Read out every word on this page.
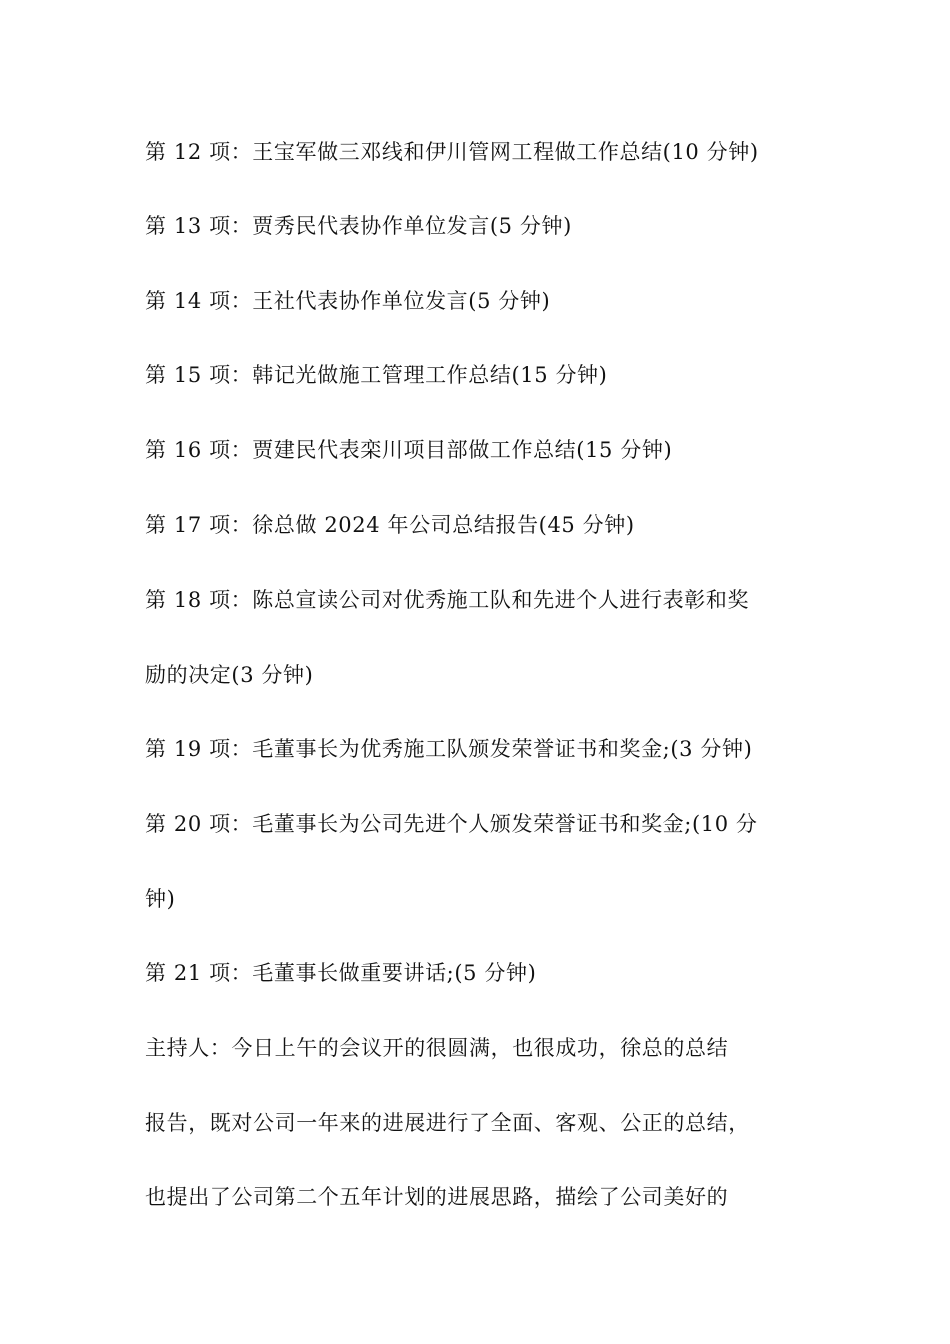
第 12 项：王宝军做三邓线和伊川管网工程做工作总结(10 分钟)
第 13 项：贾秀民代表协作单位发言(5 分钟)
第 14 项：王社代表协作单位发言(5 分钟)
第 15 项：韩记光做施工管理工作总结(15 分钟)
第 16 项：贾建民代表栾川项目部做工作总结(15 分钟)
第 17 项：徐总做 2024 年公司总结报告(45 分钟)
第 18 项：陈总宣读公司对优秀施工队和先进个人进行表彰和奖
励的决定(3 分钟)
第 19 项：毛董事长为优秀施工队颁发荣誉证书和奖金;(3 分钟)
第 20 项：毛董事长为公司先进个人颁发荣誉证书和奖金;(10 分
钟)
第 21 项：毛董事长做重要讲话;(5 分钟)
主持人：今日上午的会议开的很圆满，也很成功，徐总的总结
报告，既对公司一年来的进展进行了全面、客观、公正的总结，
也提出了公司第二个五年计划的进展思路，描绘了公司美好的
